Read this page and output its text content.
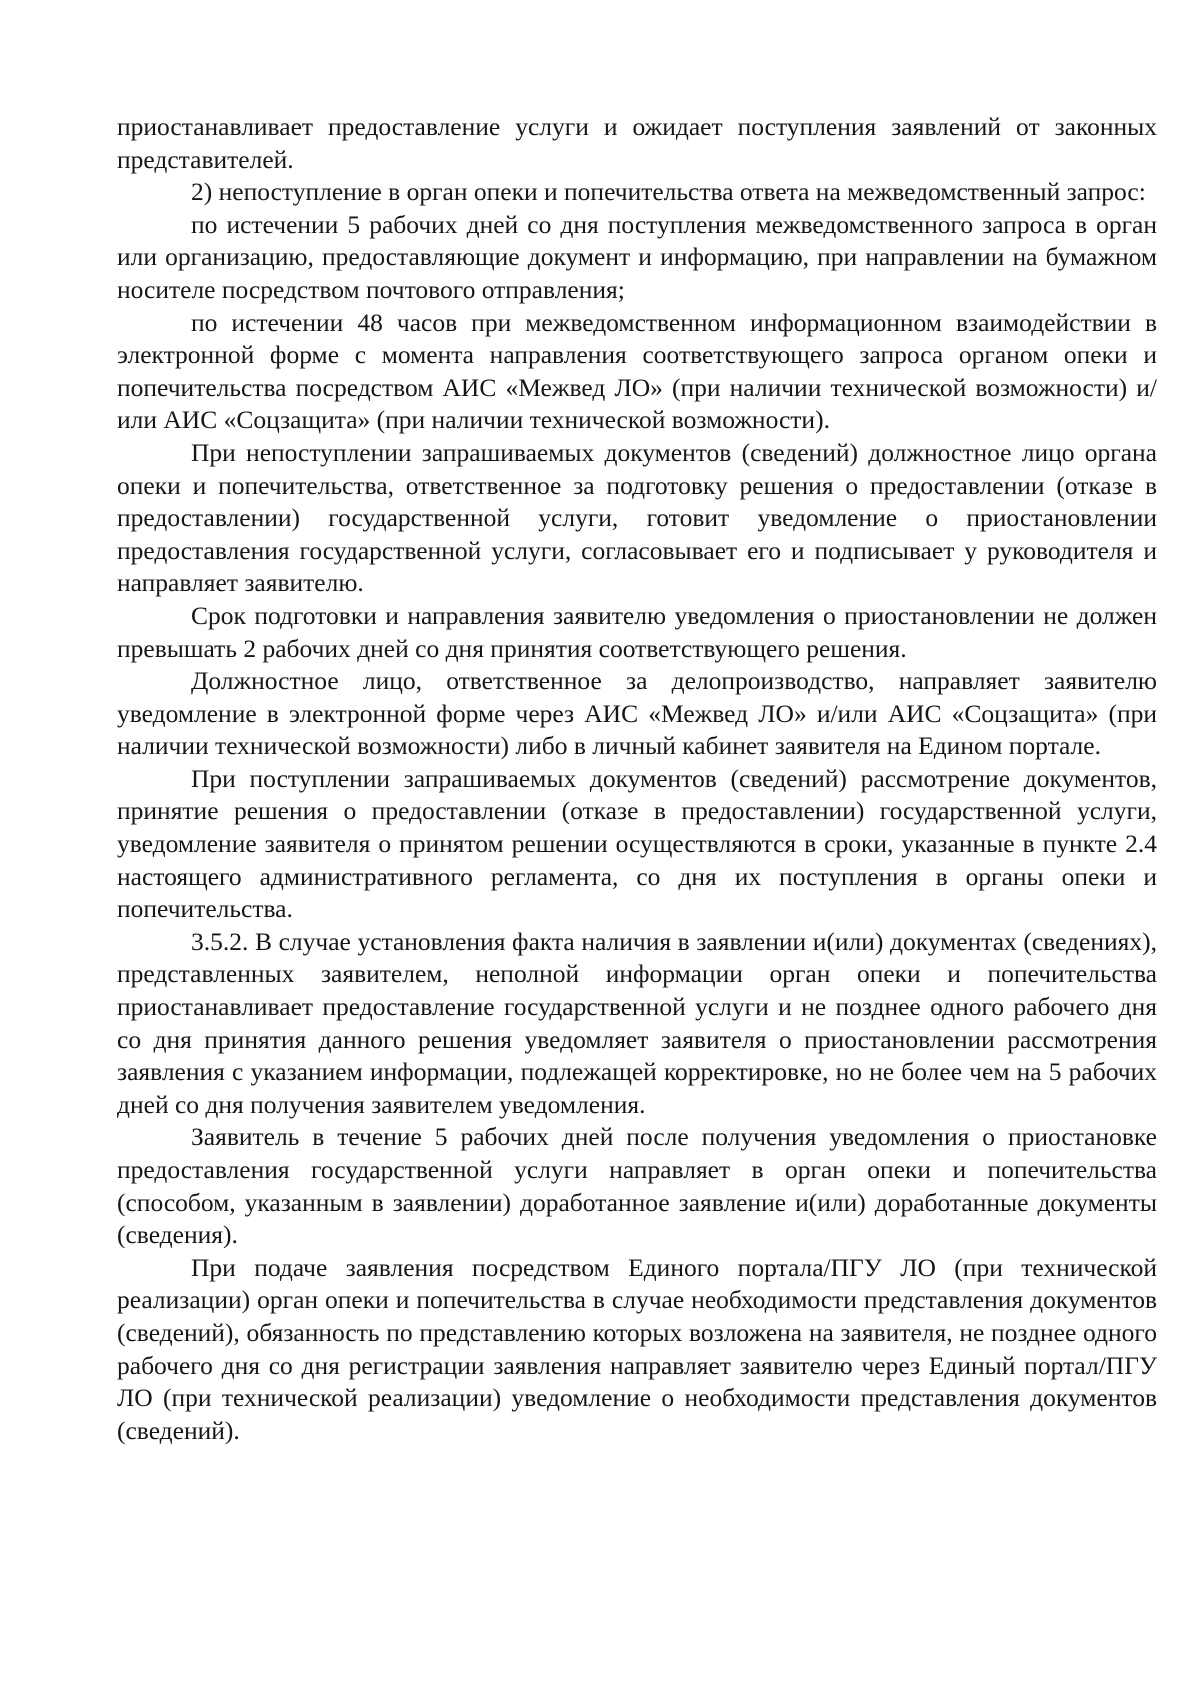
приостанавливает предоставление услуги и ожидает поступления заявлений от законных представителей.

2) непоступление в орган опеки и попечительства ответа на межведомственный запрос:

по истечении 5 рабочих дней со дня поступления межведомственного запроса в орган или организацию, предоставляющие документ и информацию, при направлении на бумажном носителе посредством почтового отправления;

по истечении 48 часов при межведомственном информационном взаимодействии в электронной форме с момента направления соответствующего запроса органом опеки и попечительства посредством АИС «Межвед ЛО» (при наличии технической возможности) и/или АИС «Соцзащита» (при наличии технической возможности).

При непоступлении запрашиваемых документов (сведений) должностное лицо органа опеки и попечительства, ответственное за подготовку решения о предоставлении (отказе в предоставлении) государственной услуги, готовит уведомление о приостановлении предоставления государственной услуги, согласовывает его и подписывает у руководителя и направляет заявителю.

Срок подготовки и направления заявителю уведомления о приостановлении не должен превышать 2 рабочих дней со дня принятия соответствующего решения.

Должностное лицо, ответственное за делопроизводство, направляет заявителю уведомление в электронной форме через АИС «Межвед ЛО» и/или АИС «Соцзащита» (при наличии технической возможности) либо в личный кабинет заявителя на Едином портале.

При поступлении запрашиваемых документов (сведений) рассмотрение документов, принятие решения о предоставлении (отказе в предоставлении) государственной услуги, уведомление заявителя о принятом решении осуществляются в сроки, указанные в пункте 2.4 настоящего административного регламента, со дня их поступления в органы опеки и попечительства.

3.5.2. В случае установления факта наличия в заявлении и(или) документах (сведениях), представленных заявителем, неполной информации орган опеки и попечительства приостанавливает предоставление государственной услуги и не позднее одного рабочего дня со дня принятия данного решения уведомляет заявителя о приостановлении рассмотрения заявления с указанием информации, подлежащей корректировке, но не более чем на 5 рабочих дней со дня получения заявителем уведомления.

Заявитель в течение 5 рабочих дней после получения уведомления о приостановке предоставления государственной услуги направляет в орган опеки и попечительства (способом, указанным в заявлении) доработанное заявление и(или) доработанные документы (сведения).

При подаче заявления посредством Единого портала/ПГУ ЛО (при технической реализации) орган опеки и попечительства в случае необходимости представления документов (сведений), обязанность по представлению которых возложена на заявителя, не позднее одного рабочего дня со дня регистрации заявления направляет заявителю через Единый портал/ПГУ ЛО (при технической реализации) уведомление о необходимости представления документов (сведений).
